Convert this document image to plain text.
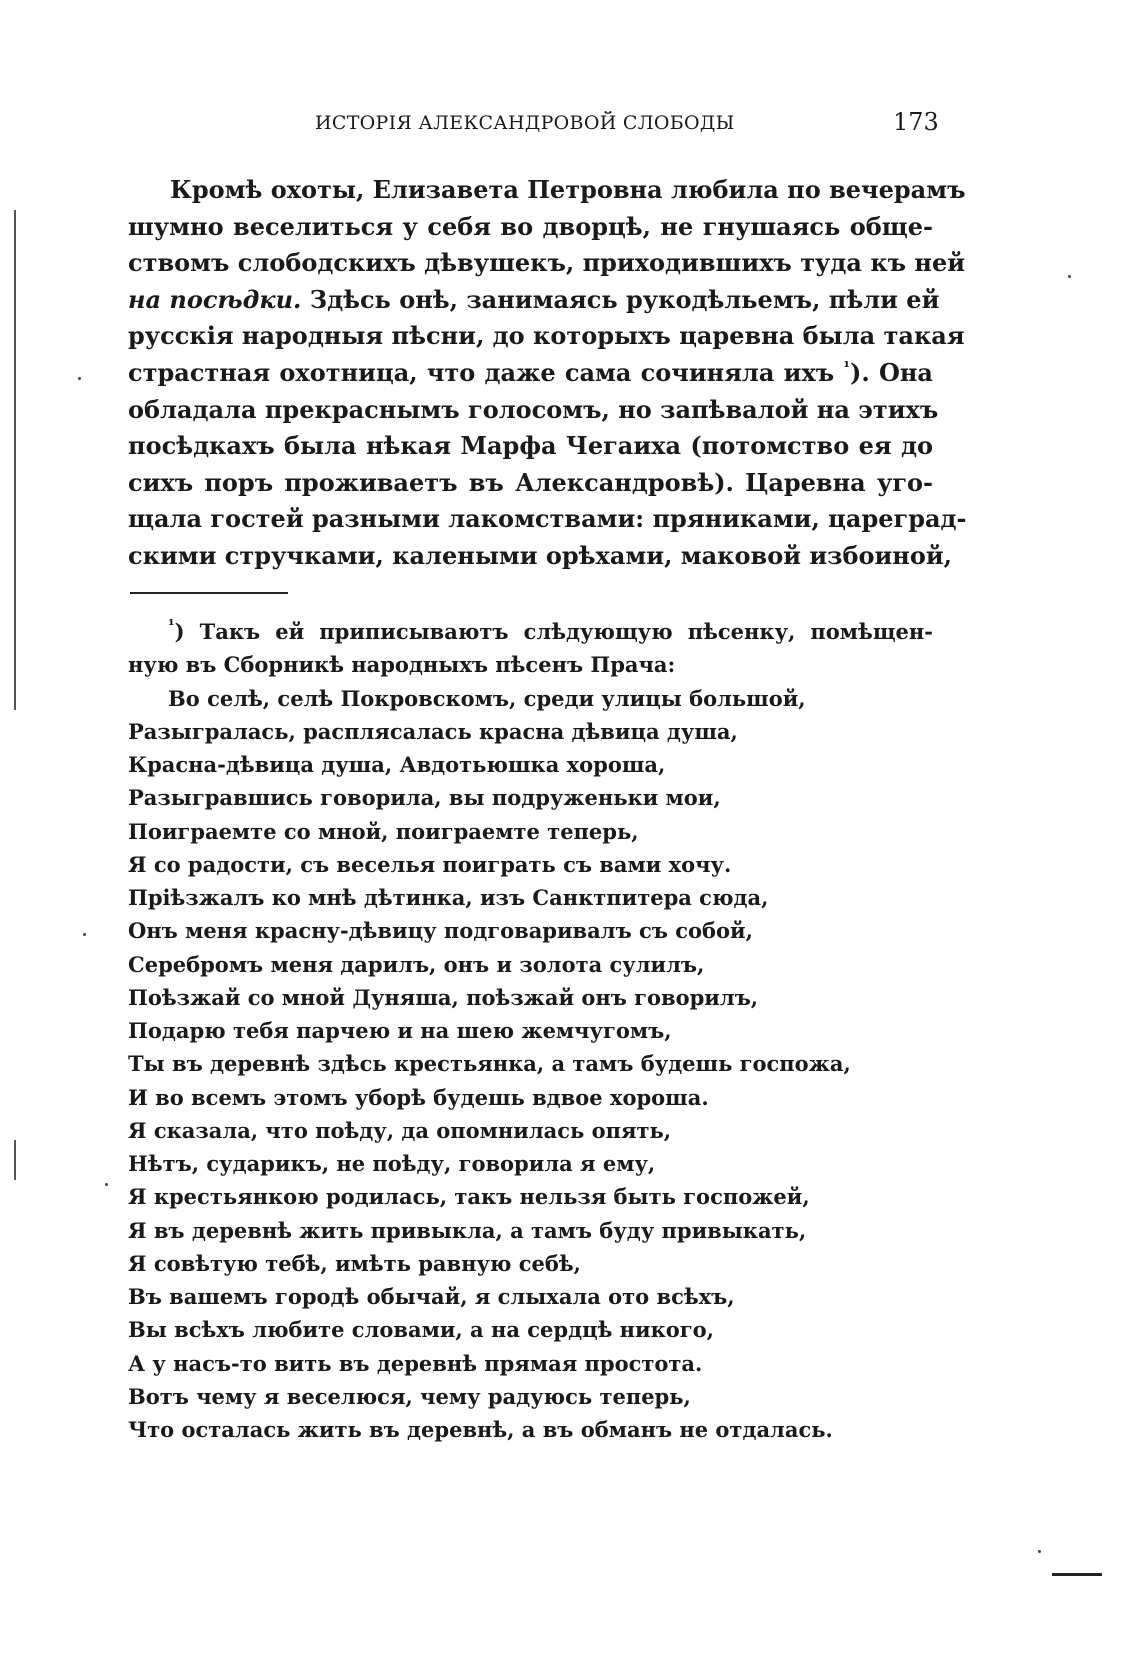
ИСТОРІЯ АЛЕКСАНДРОВОЙ СЛОБОДЫ	173
Кромѣ охоты, Елизавета Петровна любила по вечерамъ
шумно веселиться у себя во дворцѣ, не гнушаясь обще-
ствомъ слободскихъ дѣвушекъ, приходившихъ туда къ ней
на посѣдки. Здѣсь онѣ, занимаясь рукодѣльемъ, пѣли ей
русскія народныя пѣсни, до которыхъ царевна была такая
страстная охотница, что даже сама сочиняла ихъ $^{^1}$). Она
обладала прекраснымъ голосомъ, но запѣвалой на этихъ
посѣдкахъ была нѣкая Марфа Чегаиха (потомство ея до
сихъ поръ проживаетъ въ Александровѣ). Царевна уго-
щала гостей разными лакомствами: пряниками, цареград-
скими стручками, калеными орѣхами, маковой избоиной,
$^{^1}$) Такъ ей приписываютъ слѣдующую пѣсенку, помѣщен-
ную въ Сборникѣ народныхъ пѣсенъ Прача:
Во селѣ, селѣ Покровскомъ, среди улицы большой,
Разыгралась, расплясалась красна дѣвица душа,
Красна-дѣвица душа, Авдотьюшка хороша,
Разыгравшись говорила, вы подруженьки мои,
Поиграемте со мной, поиграемте теперь,
Я со радости, съ веселья поиграть съ вами хочу.
Пріѣзжалъ ко мнѣ дѣтинка, изъ Санктпитера сюда,
Онъ меня красну-дѣвицу подговаривалъ съ собой,
Серебромъ меня дарилъ, онъ и золота сулилъ,
Поѣзжай со мной Дуняша, поѣзжай онъ говорилъ,
Подарю тебя парчею и на шею жемчугомъ,
Ты въ деревнѣ здѣсь крестьянка, а тамъ будешь госпожа,
И во всемъ этомъ уборѣ будешь вдвое хороша.
Я сказала, что поѣду, да опомнилась опять,
Нѣтъ, сударикъ, не поѣду, говорила я ему,
Я крестьянкою родилась, такъ нельзя быть госпожей,
Я въ деревнѣ жить привыкла, а тамъ буду привыкать,
Я совѣтую тебѣ, имѣть равную себѣ,
Въ вашемъ городѣ обычай, я слыхала ото всѣхъ,
Вы всѣхъ любите словами, а на сердцѣ никого,
А у насъ-то вить въ деревнѣ прямая простота.
Вотъ чему я веселюся, чему радуюсь теперь,
Что осталась жить въ деревнѣ, а въ обманъ не отдалась.
